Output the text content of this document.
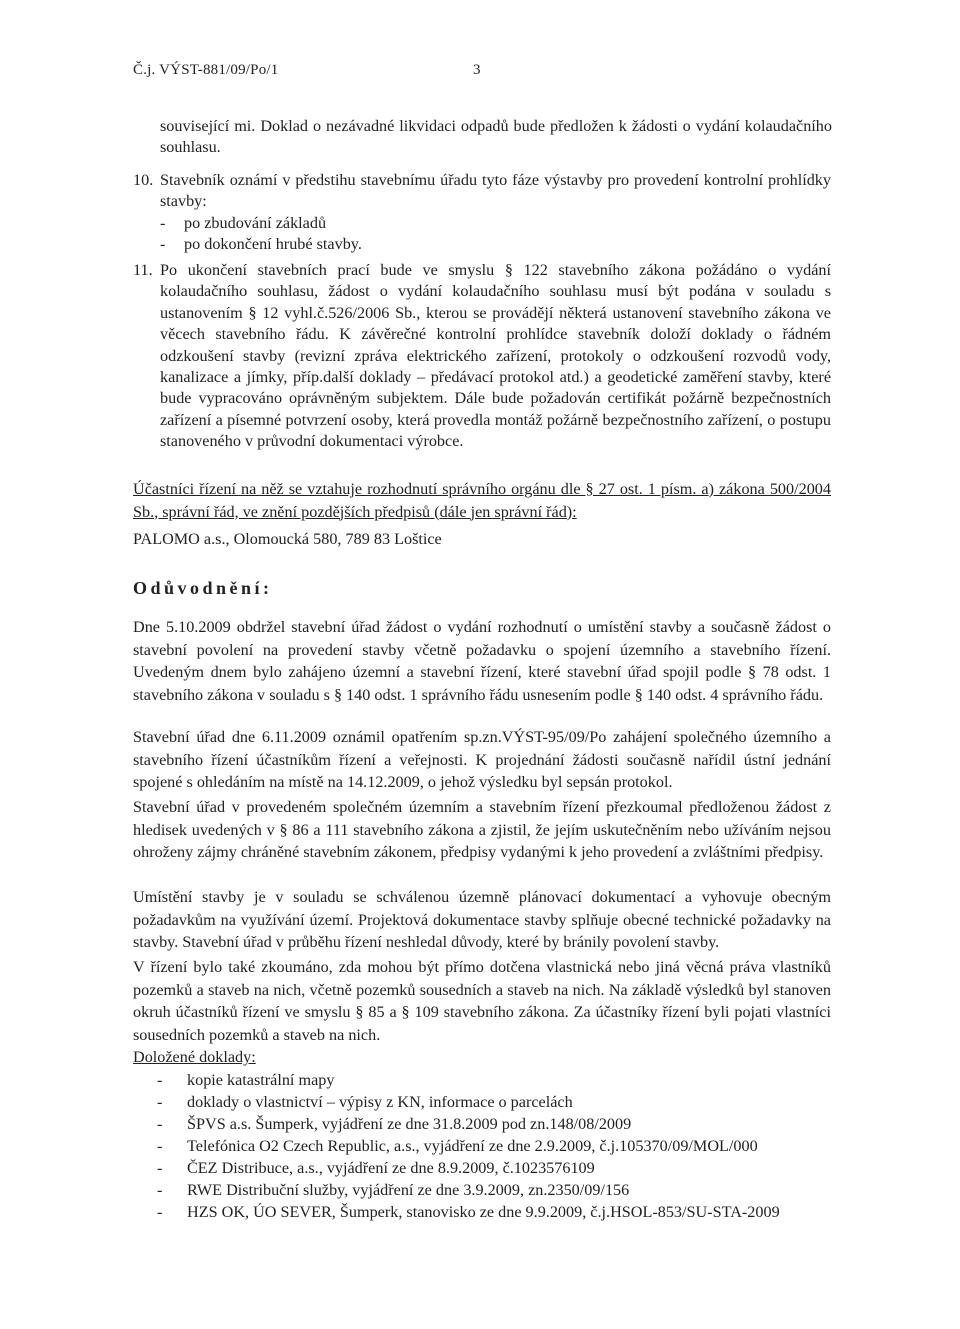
Č.j. VÝST-881/09/Po/1	3

související mi. Doklad o nezávadné likvidaci odpadů bude předložen k žádosti o vydání kolaudačního souhlasu.

10. Stavebník oznámí v předstihu stavebnímu úřadu tyto fáze výstavby pro provedení kontrolní prohlídky stavby:

- po zbudování základů
- po dokončení hrubé stavby.
11. Po ukončení stavebních prací bude ve smyslu § 122 stavebního zákona požádáno o vydání kolaudačního souhlasu, žádost o vydání kolaudačního souhlasu musí být podána v souladu s ustanovením § 12 vyhl.č.526/2006 Sb., kterou se provádějí některá ustanovení stavebního zákona ve věcech stavebního řádu. K závěrečné kontrolní prohlídce stavebník doloží doklady o řádném odzkoušení stavby (revizní zpráva elektrického zařízení, protokoly o odzkoušení rozvodů vody, kanalizace a jímky, příp.další doklady – předávací protokol atd.) a geodetické zaměření stavby, které bude vypracováno oprávněným subjektem. Dále bude požadován certifikát požárně bezpečnostních zařízení a písemné potvrzení osoby, která provedla montáž požárně bezpečnostního zařízení, o postupu stanoveného v průvodní dokumentaci výrobce.

Účastníci řízení na něž se vztahuje rozhodnutí správního orgánu dle § 27 ost. 1 písm. a) zákona 500/2004 Sb., správní řád, ve znění pozdějších předpisů (dále jen správní řád):

PALOMO a.s., Olomoucká 580, 789 83 Loštice

Odůvodnění:

Dne 5.10.2009 obdržel stavební úřad žádost o vydání rozhodnutí o umístění stavby a současně žádost o stavební povolení na provedení stavby včetně požadavku o spojení územního a stavebního řízení. Uvedeným dnem bylo zahájeno územní a stavební řízení, které stavební úřad spojil podle § 78 odst. 1 stavebního zákona v souladu s § 140 odst. 1 správního řádu usnesením podle § 140 odst. 4 správního řádu.

Stavební úřad dne 6.11.2009 oznámil opatřením sp.zn.VÝST-95/09/Po zahájení společného územního a stavebního řízení účastníkům řízení a veřejnosti. K projednání žádosti současně nařídil ústní jednání spojené s ohledáním na místě na 14.12.2009, o jehož výsledku byl sepsán protokol.

Stavební úřad v provedeném společném územním a stavebním řízení přezkoumal předloženou žádost z hledisek uvedených v § 86 a 111 stavebního zákona a zjistil, že jejím uskutečněním nebo užíváním nejsou ohroženy zájmy chráněné stavebním zákonem, předpisy vydanými k jeho provedení a zvláštními předpisy.

Umístění stavby je v souladu se schválenou územně plánovací dokumentací a vyhovuje obecným požadavkům na využívání území. Projektová dokumentace stavby splňuje obecné technické požadavky na stavby. Stavební úřad v průběhu řízení neshledal důvody, které by bránily povolení stavby.

V řízení bylo také zkoumáno, zda mohou být přímo dotčena vlastnická nebo jiná věcná práva vlastníků pozemků a staveb na nich, včetně pozemků sousedních a staveb na nich. Na základě výsledků byl stanoven okruh účastníků řízení ve smyslu § 85 a § 109 stavebního zákona. Za účastníky řízení byli pojati vlastníci sousedních pozemků a staveb na nich.

Doložené doklady:

- kopie katastrální mapy
- doklady o vlastnictví – výpisy z KN, informace o parcelách
- ŠPVS a.s. Šumperk, vyjádření ze dne 31.8.2009 pod zn.148/08/2009
- Telefónica O2 Czech Republic, a.s., vyjádření ze dne 2.9.2009, č.j.105370/09/MOL/000
- ČEZ Distribuce, a.s., vyjádření ze dne 8.9.2009, č.1023576109
- RWE Distribuční služby, vyjádření ze dne 3.9.2009, zn.2350/09/156
- HZS OK, ÚO SEVER, Šumperk, stanovisko ze dne 9.9.2009, č.j.HSOL-853/SU-STA-2009
